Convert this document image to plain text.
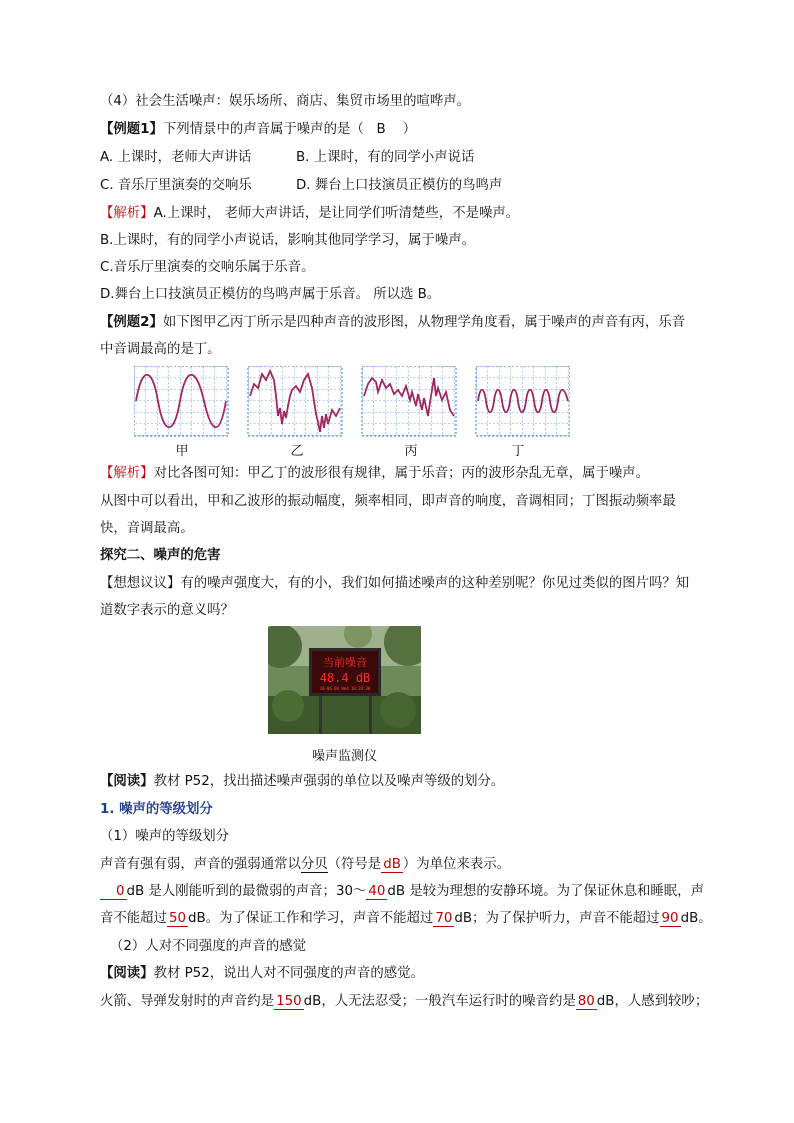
（4）社会生活噪声：娱乐场所、商店、集贸市场里的喧哗声。
【例题1】下列情景中的声音属于噪声的是（ B ）
A. 上课时，老师大声讲话	B. 上课时，有的同学小声说话
C. 音乐厅里演奏的交响乐	D. 舞台上口技演员正模仿的鸟鸣声
【解析】A.上课时， 老师大声讲话，是让同学们听清楚些，不是噪声。
B.上课时，有的同学小声说话，影响其他同学学习，属于噪声。
C.音乐厅里演奏的交响乐属于乐音。
D.舞台上口技演员正模仿的鸟鸣声属于乐音。 所以选 B。
【例题2】如下图甲乙丙丁所示是四种声音的波形图，从物理学角度看，属于噪声的声音有丙，乐音
中音调最高的是丁。
甲	乙	丙	丁
【解析】对比各图可知：甲乙丁的波形很有规律，属于乐音；丙的波形杂乱无章，属于噪声。
从图中可以看出，甲和乙波形的振动幅度，频率相同，即声音的响度，音调相同；丁图振动频率最
快，音调最高。
探究二、噪声的危害
【想想议议】有的噪声强度大，有的小，我们如何描述噪声的这种差别呢？你见过类似的图片吗？知
道数字表示的意义吗？
当前噪音
48.4 dB
10-06-08 Wed 10:34:30
噪声监测仪
【阅读】教材 P52，找出描述噪声强弱的单位以及噪声等级的划分。
1. 噪声的等级划分
（1）噪声的等级划分
声音有强有弱，声音的强弱通常以分贝（符号是 dB ）为单位来表示。
0 dB 是人刚能听到的最微弱的声音；30～ 40 dB 是较为理想的安静环境。为了保证休息和睡眠，声
音不能超过 50 dB。为了保证工作和学习，声音不能超过 70 dB；为了保护听力，声音不能超过 90 dB。
（2）人对不同强度的声音的感觉
【阅读】教材 P52，说出人对不同强度的声音的感觉。
火箭、导弹发射时的声音约是 150 dB，人无法忍受；一般汽车运行时的噪音约是 80 dB，人感到较吵；
